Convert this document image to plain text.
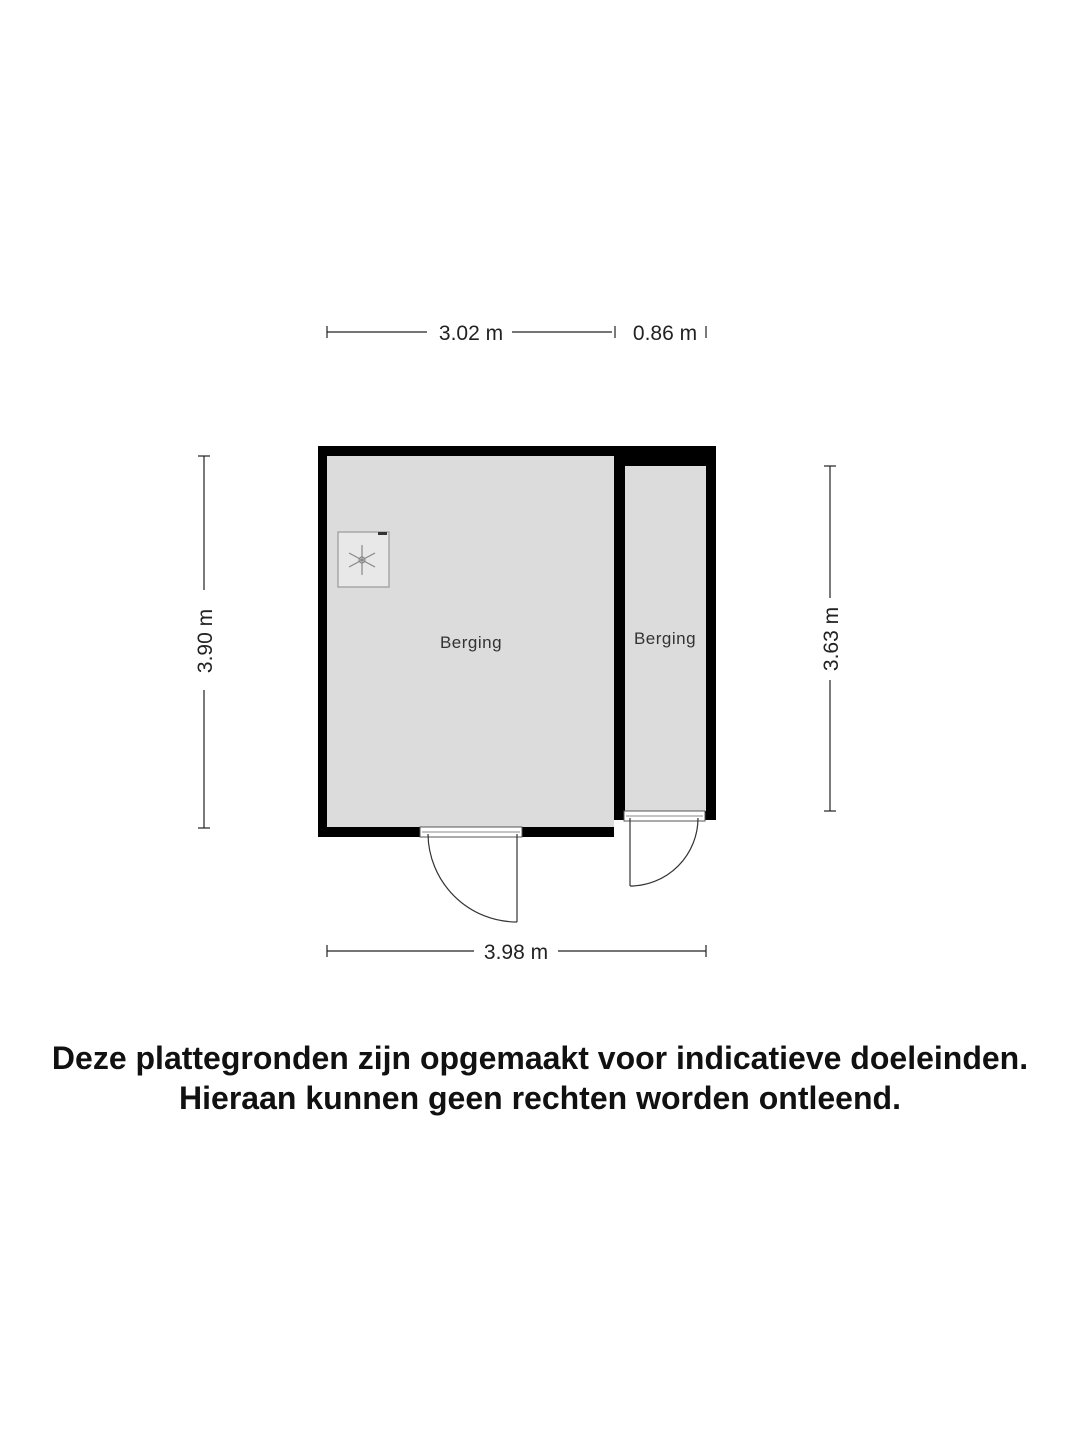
3.02 m	0.86 m
3.90 m	3.63 m
3.98 m
Berging	Berging
Deze plattegronden zijn opgemaakt voor indicatieve doeleinden.
Hieraan kunnen geen rechten worden ontleend.
